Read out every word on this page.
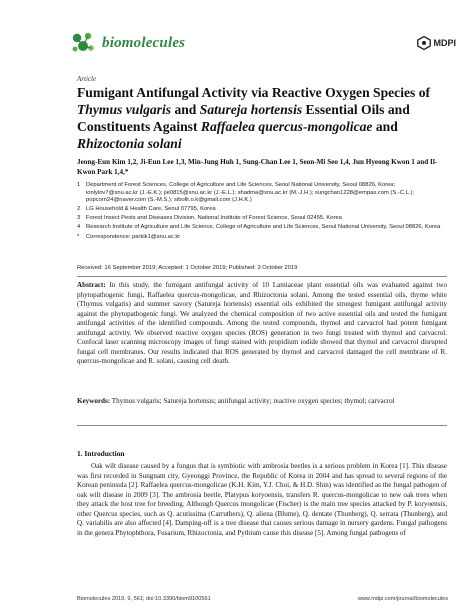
biomolecules	MDPI
Article
Fumigant Antifungal Activity via Reactive Oxygen Species of Thymus vulgaris and Satureja hortensis Essential Oils and Constituents Against Raffaelea quercus-mongolicae and Rhizoctonia solani
Jeong-Eun Kim 1,2, Ji-Eun Lee 1,3, Min-Jung Huh 1, Sung-Chan Lee 1, Seon-Mi Seo 1,4, Jun Hyeong Kwon 1 and Il-Kwon Park 1,4,*
1 Department of Forest Sciences, College of Agriculture and Life Sciences, Seoul National University, Seoul 08826, Korea; ionlylov7@snu.ac.kr (J.-E.K.); jie0815@snu.ac.kr (J.-E.L.); shadma@snu.ac.kr (M.-J.H.); sungchan1228@empas.com (S.-C.L.); popcorn24@naver.com (S.-M.S.); sibollr.o.k@gmail.com (J.H.K.)
2 LG Household & Health Care, Seoul 07795, Korea
3 Forest Insect Pests and Diseases Division, National Institute of Forest Science, Seoul 02455, Korea
4 Research Institute of Agriculture and Life Science, College of Agriculture and Life Sciences, Seoul National University, Seoul 08826, Korea
* Correspondence: parkik1@snu.ac.kr
Received: 16 September 2019; Accepted: 1 October 2019; Published: 3 October 2019
Abstract: In this study, the fumigant antifungal activity of 10 Lamiaceae plant essential oils was evaluated against two phytopathogenic fungi, Raffaelea quercus-mongolicae, and Rhizoctonia solani. Among the tested essential oils, thyme white (Thymus vulgaris) and summer savory (Satureja hortensis) essential oils exhibited the strongest fumigant antifungal activity against the phytopathogenic fungi. We analyzed the chemical composition of two active essential oils and tested the fumigant antifungal activities of the identified compounds. Among the tested compounds, thymol and carvacrol had potent fumigant antifungal activity. We observed reactive oxygen species (ROS) generation in two fungi treated with thymol and carvacrol. Confocal laser scanning microscopy images of fungi stained with propidium iodide showed that thymol and carvacrol disrupted fungal cell membranes. Our results indicated that ROS generated by thymol and carvacrol damaged the cell membrane of R. quercus-mongolicae and R. solani, causing cell death.
Keywords: Thymus vulgaris; Satureja hortensis; antifungal activity; reactive oxygen species; thymol; carvacrol
1. Introduction
Oak wilt disease caused by a fungus that is symbiotic with ambrosia beetles is a serious problem in Korea [1]. This disease was first recorded in Sungnam city, Gyeonggi Province, the Republic of Korea in 2004 and has spread to several regions of the Korean peninsula [2]. Raffaelea quercus-mongolicae (K.H. Kim, Y.J. Choi, & H.D. Shin) was identified as the fungal pathogen of oak wilt disease in 2009 [3]. The ambrosia beetle, Platypus koryoensis, transfers R. quercus-mongolicae to new oak trees when they attack the host tree for breeding. Although Quercus mongolicae (Fischer) is the main tree species attacked by P. koryoensis, other Quercus species, such as Q. acutissima (Carruthers), Q. aliena (Blume), Q. dentate (Thunberg), Q. serrata (Thunberg), and Q. variabilis are also affected [4]. Damping-off is a tree disease that causes serious damage in nursery gardens. Fungal pathogens in the genera Phytophthora, Fusarium, Rhizoctonia, and Pythium cause this disease [5]. Among fungal pathogens of
Biomolecules 2019, 9, 561; doi:10.3390/biom9100561	www.mdpi.com/journal/biomolecules
